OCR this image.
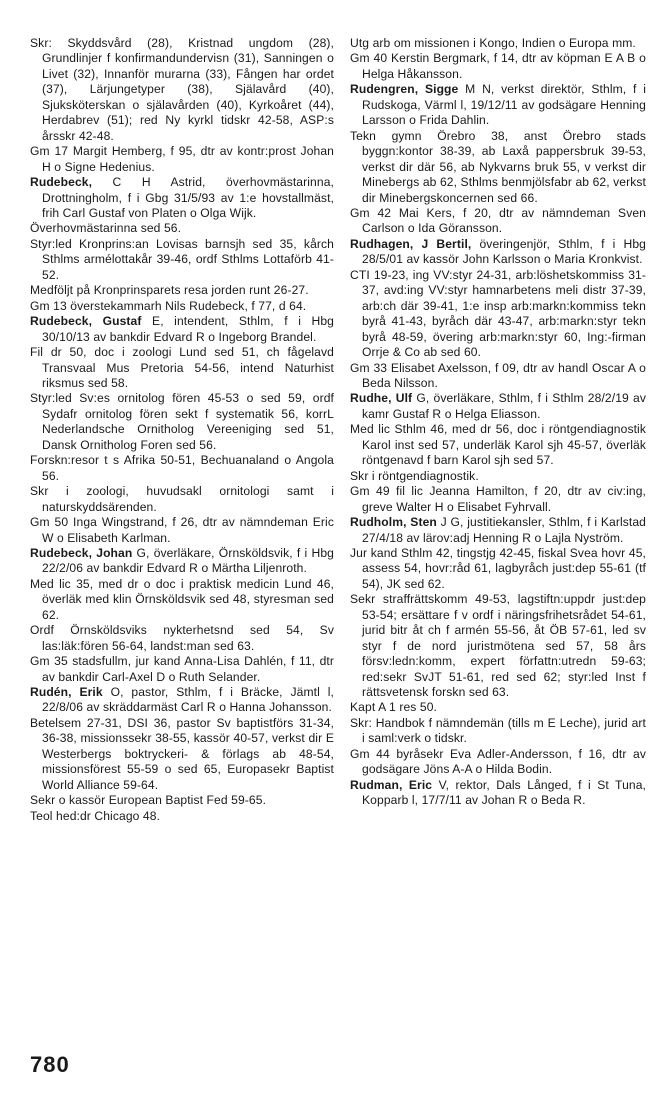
Skr: Skyddsvård (28), Kristnad ungdom (28), Grundlinjer f konfirmandundervisn (31), Sanningen o Livet (32), Innanför murarna (33), Fången har ordet (37), Lärjungetyper (38), Själavård (40), Sjuksköterskan o själavården (40), Kyrkoåret (44), Herdabrev (51); red Ny kyrkl tidskr 42-58, ASP:s årsskr 42-48.

Gm 17 Margit Hemberg, f 95, dtr av kontr:prost Johan H o Signe Hedenius.

Rudebeck, C H Astrid, överhovmästarinna, Drottningholm, f i Gbg 31/5/93 av 1:e hovstallmäst, frih Carl Gustaf von Platen o Olga Wijk.

Överhovmästarinna sed 56.

Styr:led Kronprins:an Lovisas barnsjh sed 35, kårch Sthlms armélottakår 39-46, ordf Sthlms Lottaförb 41-52.

Medföljt på Kronprinsparets resa jorden runt 26-27.

Gm 13 överstekammarh Nils Rudebeck, f 77, d 64.

Rudebeck, Gustaf E, intendent, Sthlm, f i Hbg 30/10/13 av bankdir Edvard R o Ingeborg Brandel.

Fil dr 50, doc i zoologi Lund sed 51, ch fågelavd Transvaal Mus Pretoria 54-56, intend Naturhist riksmus sed 58.

Styr:led Sv:es ornitolog fören 45-53 o sed 59, ordf Sydafr ornitolog fören sekt f systematik 56, korrL Nederlandsche Ornitholog Vereeniging sed 51, Dansk Ornitholog Foren sed 56.

Forskn:resor t s Afrika 50-51, Bechuanaland o Angola 56.

Skr i zoologi, huvudsakl ornitologi samt i naturskyddsärenden.

Gm 50 Inga Wingstrand, f 26, dtr av nämndeman Eric W o Elisabeth Karlman.

Rudebeck, Johan G, överläkare, Örnsköldsvik, f i Hbg 22/2/06 av bankdir Edvard R o Märtha Liljenroth.

Med lic 35, med dr o doc i praktisk medicin Lund 46, överläk med klin Örnsköldsvik sed 48, styresman sed 62.

Ordf Örnsköldsviks nykterhetsnd sed 54, Sv las:läk:fören 56-64, landst:man sed 63.

Gm 35 stadsfullm, jur kand Anna-Lisa Dahlén, f 11, dtr av bankdir Carl-Axel D o Ruth Selander.

Rudén, Erik O, pastor, Sthlm, f i Bräcke, Jämtl l, 22/8/06 av skräddarmäst Carl R o Hanna Johansson.

Betelsem 27-31, DSI 36, pastor Sv baptistförs 31-34, 36-38, missionssekr 38-55, kassör 40-57, verkst dir E Westerbergs boktryckeri- & förlags ab 48-54, missionsförest 55-59 o sed 65, Europasekr Baptist World Alliance 59-64.

Sekr o kassör European Baptist Fed 59-65.

Teol hed:dr Chicago 48.

Utg arb om missionen i Kongo, Indien o Europa mm.

Gm 40 Kerstin Bergmark, f 14, dtr av köpman E A B o Helga Håkansson.

Rudengren, Sigge M N, verkst direktör, Sthlm, f i Rudskoga, Värml l, 19/12/11 av godsägare Henning Larsson o Frida Dahlin.

Tekn gymn Örebro 38, anst Örebro stads byggn:kontor 38-39, ab Laxå pappersbruk 39-53, verkst dir där 56, ab Nykvarns bruk 55, v verkst dir Minebergs ab 62, Sthlms benmjölsfabr ab 62, verkst dir Minebergskoncernen sed 66.

Gm 42 Mai Kers, f 20, dtr av nämndeman Sven Carlson o Ida Göransson.

Rudhagen, J Bertil, överingenjör, Sthlm, f i Hbg 28/5/01 av kassör John Karlsson o Maria Kronkvist.

CTI 19-23, ing VV:styr 24-31, arb:löshetskommiss 31-37, avd:ing VV:styr hamnarbetens meli distr 37-39, arb:ch där 39-41, 1:e insp arb:markn:kommiss tekn byrå 41-43, byråch där 43-47, arb:markn:styr tekn byrå 48-59, övering arb:markn:styr 60, Ing:-firman Orrje & Co ab sed 60.

Gm 33 Elisabet Axelsson, f 09, dtr av handl Oscar A o Beda Nilsson.

Rudhe, Ulf G, överläkare, Sthlm, f i Sthlm 28/2/19 av kamr Gustaf R o Helga Eliasson.

Med lic Sthlm 46, med dr 56, doc i röntgendiagnostik Karol inst sed 57, underläk Karol sjh 45-57, överläk röntgenavd f barn Karol sjh sed 57.

Skr i röntgendiagnostik.

Gm 49 fil lic Jeanna Hamilton, f 20, dtr av civ:ing, greve Walter H o Elisabet Fyhrvall.

Rudholm, Sten J G, justitiekansler, Sthlm, f i Karlstad 27/4/18 av lärov:adj Henning R o Lajla Nyström.

Jur kand Sthlm 42, tingstjg 42-45, fiskal Svea hovr 45, assess 54, hovr:råd 61, lagbyråch just:dep 55-61 (tf 54), JK sed 62.

Sekr straffrättskomm 49-53, lagstiftn:uppdr just:dep 53-54; ersättare f v ordf i näringsfrihetsrådet 54-61, jurid bitr åt ch f armén 55-56, åt ÖB 57-61, led sv styr f de nord juristmötena sed 57, 58 års försv:ledn:komm, expert författn:utredn 59-63; red:sekr SvJT 51-61, red sed 62; styr:led Inst f rättsvetensk forskn sed 63.

Kapt A 1 res 50.

Skr: Handbok f nämndemän (tills m E Leche), jurid art i saml:verk o tidskr.

Gm 44 byråsekr Eva Adler-Andersson, f 16, dtr av godsägare Jöns A-A o Hilda Bodin.

Rudman, Eric V, rektor, Dals Långed, f i St Tuna, Kopparb l, 17/7/11 av Johan R o Beda R.

780
